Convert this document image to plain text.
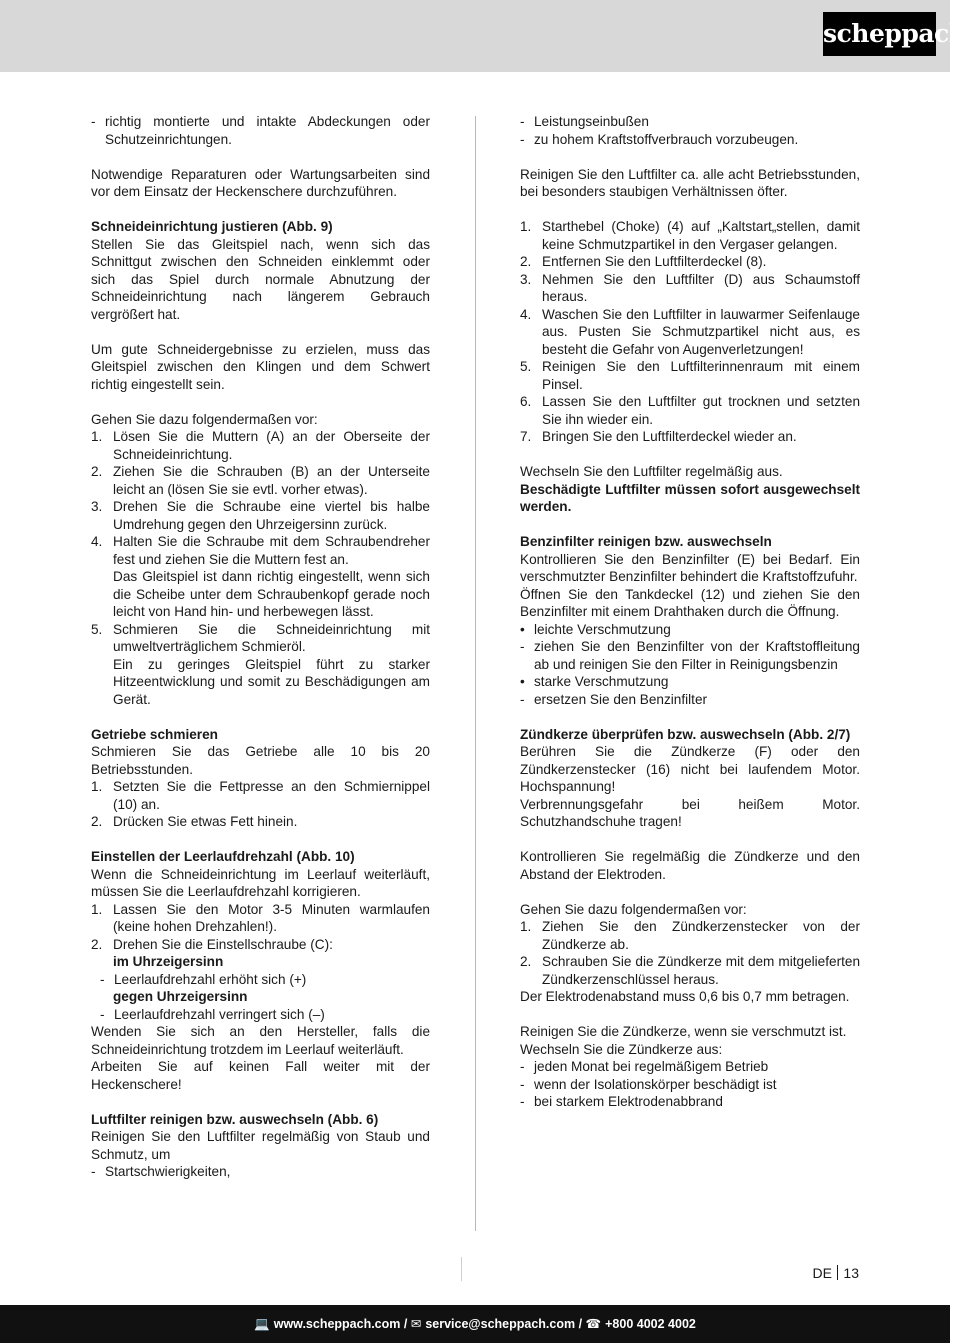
scheppach
- richtig montierte und intakte Abdeckungen oder Schutzeinrichtungen.

Notwendige Reparaturen oder Wartungsarbeiten sind vor dem Einsatz der Heckenschere durchzuführen.

Schneideinrichtung justieren (Abb. 9)

Stellen Sie das Gleitspiel nach, wenn sich das Schnittgut zwischen den Schneiden einklemmt oder sich das Spiel durch normale Abnutzung der Schneideinrichtung nach längerem Gebrauch vergrößert hat.

Um gute Schneidergebnisse zu erzielen, muss das Gleitspiel zwischen den Klingen und dem Schwert richtig eingestellt sein.

Gehen Sie dazu folgendermaßen vor:

1. Lösen Sie die Muttern (A) an der Oberseite der Schneideinrichtung.
2. Ziehen Sie die Schrauben (B) an der Unterseite leicht an (lösen Sie sie evtl. vorher etwas).
3. Drehen Sie die Schraube eine viertel bis halbe Umdrehung gegen den Uhrzeigersinn zurück.
4. Halten Sie die Schraube mit dem Schraubendreher fest und ziehen Sie die Muttern fest an.

Das Gleitspiel ist dann richtig eingestellt, wenn sich die Scheibe unter dem Schraubenkopf gerade noch leicht von Hand hin- und herbewegen lässt.

5. Schmieren Sie die Schneideinrichtung mit umweltverträglichem Schmieröl.

Ein zu geringes Gleitspiel führt zu starker Hitzeentwicklung und somit zu Beschädigungen am Gerät.

Getriebe schmieren

Schmieren Sie das Getriebe alle 10 bis 20 Betriebsstunden.

1. Setzten Sie die Fettpresse an den Schmiernippel (10) an.
2. Drücken Sie etwas Fett hinein.

Einstellen der Leerlaufdrehzahl (Abb. 10)

Wenn die Schneideinrichtung im Leerlauf weiterläuft, müssen Sie die Leerlaufdrehzahl korrigieren.

1. Lassen Sie den Motor 3-5 Minuten warmlaufen (keine hohen Drehzahlen!).
2. Drehen Sie die Einstellschraube (C):

im Uhrzeigersinn

- Leerlaufdrehzahl erhöht sich (+)

gegen Uhrzeigersinn

- Leerlaufdrehzahl verringert sich (–)

Wenden Sie sich an den Hersteller, falls die Schneideinrichtung trotzdem im Leerlauf weiterläuft.

Arbeiten Sie auf keinen Fall weiter mit der Heckenschere!

Luftfilter reinigen bzw. auswechseln (Abb. 6)

Reinigen Sie den Luftfilter regelmäßig von Staub und Schmutz, um

- Startschwierigkeiten,
- Leistungseinbußen
- zu hohem Kraftstoffverbrauch vorzubeugen.

Reinigen Sie den Luftfilter ca. alle acht Betriebsstunden, bei besonders staubigen Verhältnissen öfter.

1. Starthebel (Choke) (4) auf „Kaltstart„stellen, damit keine Schmutzpartikel in den Vergaser gelangen.
2. Entfernen Sie den Luftfilterdeckel (8).
3. Nehmen Sie den Luftfilter (D) aus Schaumstoff heraus.
4. Waschen Sie den Luftfilter in lauwarmer Seifenlauge aus. Pusten Sie Schmutzpartikel nicht aus, es besteht die Gefahr von Augenverletzungen!
5. Reinigen Sie den Luftfilterinnenraum mit einem Pinsel.
6. Lassen Sie den Luftfilter gut trocknen und setzten Sie ihn wieder ein.
7. Bringen Sie den Luftfilterdeckel wieder an.

Wechseln Sie den Luftfilter regelmäßig aus.

Beschädigte Luftfilter müssen sofort ausgewechselt werden.

Benzinfilter reinigen bzw. auswechseln

Kontrollieren Sie den Benzinfilter (E) bei Bedarf. Ein verschmutzter Benzinfilter behindert die Kraftstoffzufuhr.

Öffnen Sie den Tankdeckel (12) und ziehen Sie den Benzinfilter mit einem Drahthaken durch die Öffnung.

• leichte Verschmutzung
- ziehen Sie den Benzinfilter von der Kraftstoffleitung ab und reinigen Sie den Filter in Reinigungsbenzin
• starke Verschmutzung
- ersetzen Sie den Benzinfilter

Zündkerze überprüfen bzw. auswechseln (Abb. 2/7)

Berühren Sie die Zündkerze (F) oder den Zündkerzenstecker (16) nicht bei laufendem Motor. Hochspannung!

Verbrennungsgefahr bei heißem Motor. Schutzhandschuhe tragen!

Kontrollieren Sie regelmäßig die Zündkerze und den Abstand der Elektroden.

Gehen Sie dazu folgendermaßen vor:

1. Ziehen Sie den Zündkerzenstecker von der Zündkerze ab.
2. Schrauben Sie die Zündkerze mit dem mitgelieferten Zündkerzenschlüssel heraus.

Der Elektrodenabstand muss 0,6 bis 0,7 mm betragen.

Reinigen Sie die Zündkerze, wenn sie verschmutzt ist.

Wechseln Sie die Zündkerze aus:

- jeden Monat bei regelmäßigem Betrieb
- wenn der Isolationskörper beschädigt ist
- bei starkem Elektrodenabbrand
DE 13
💻 www.scheppach.com / ✉ service@scheppach.com / ☎ +800 4002 4002
